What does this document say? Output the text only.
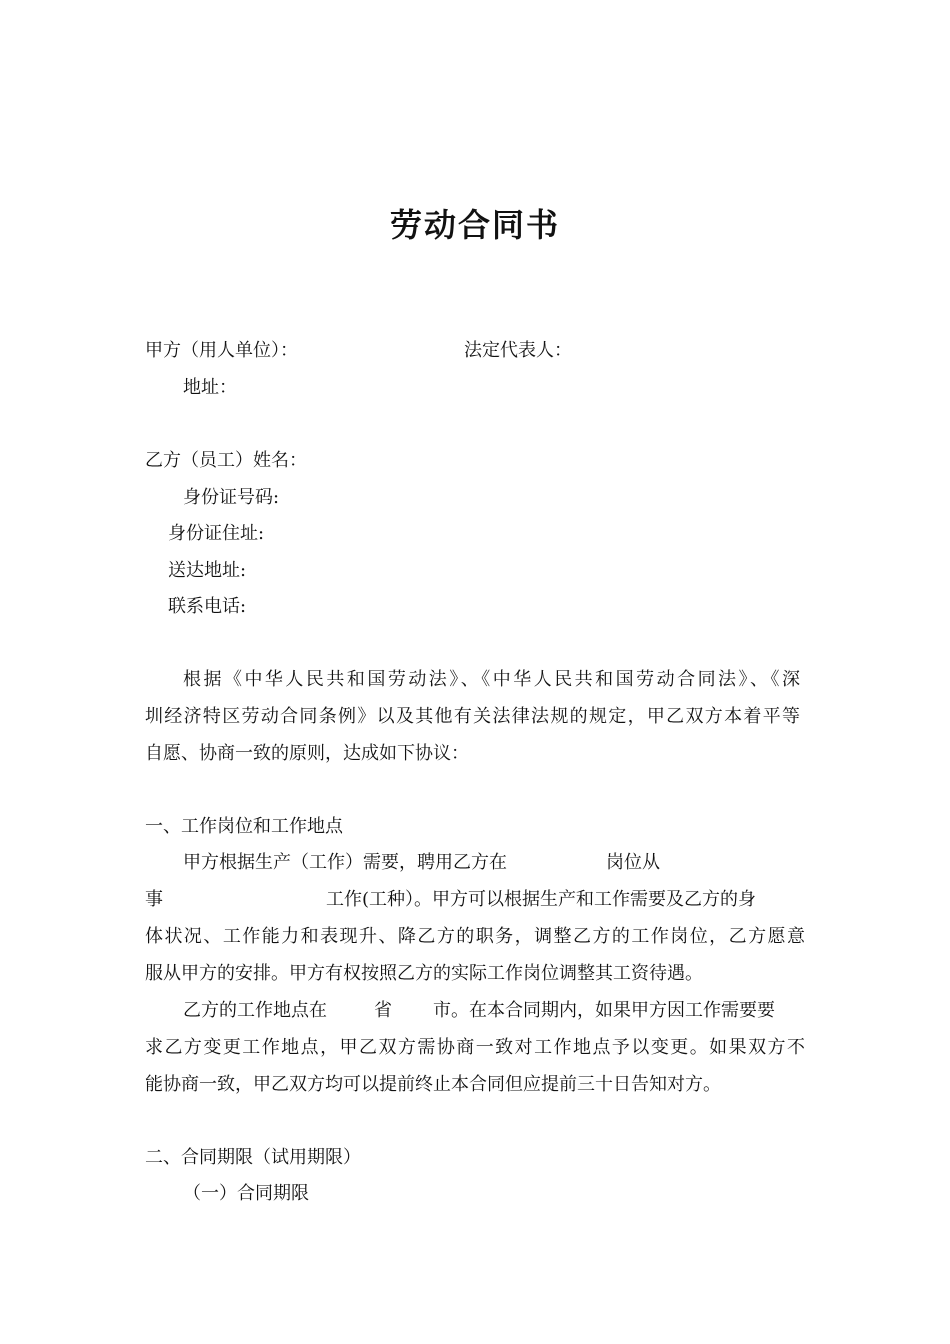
劳动合同书
甲方（用人单位）：	法定代表人：
地址：
乙方（员工）姓名：
身份证号码:
身份证住址:
送达地址:
联系电话:
根据《中华人民共和国劳动法》、《中华人民共和国劳动合同法》、《深
圳经济特区劳动合同条例》以及其他有关法律法规的规定，甲乙双方本着平等
自愿、协商一致的原则，达成如下协议：
一、工作岗位和工作地点
甲方根据生产（工作）需要，聘用乙方在	岗位从
事	工作(工种）。甲方可以根据生产和工作需要及乙方的身
体状况、工作能力和表现升、降乙方的职务，调整乙方的工作岗位，乙方愿意
服从甲方的安排。甲方有权按照乙方的实际工作岗位调整其工资待遇。
乙方的工作地点在	省 市。在本合同期内，如果甲方因工作需要要
求乙方变更工作地点，甲乙双方需协商一致对工作地点予以变更。如果双方不
能协商一致，甲乙双方均可以提前终止本合同但应提前三十日告知对方。
二、合同期限（试用期限）
（一）合同期限
